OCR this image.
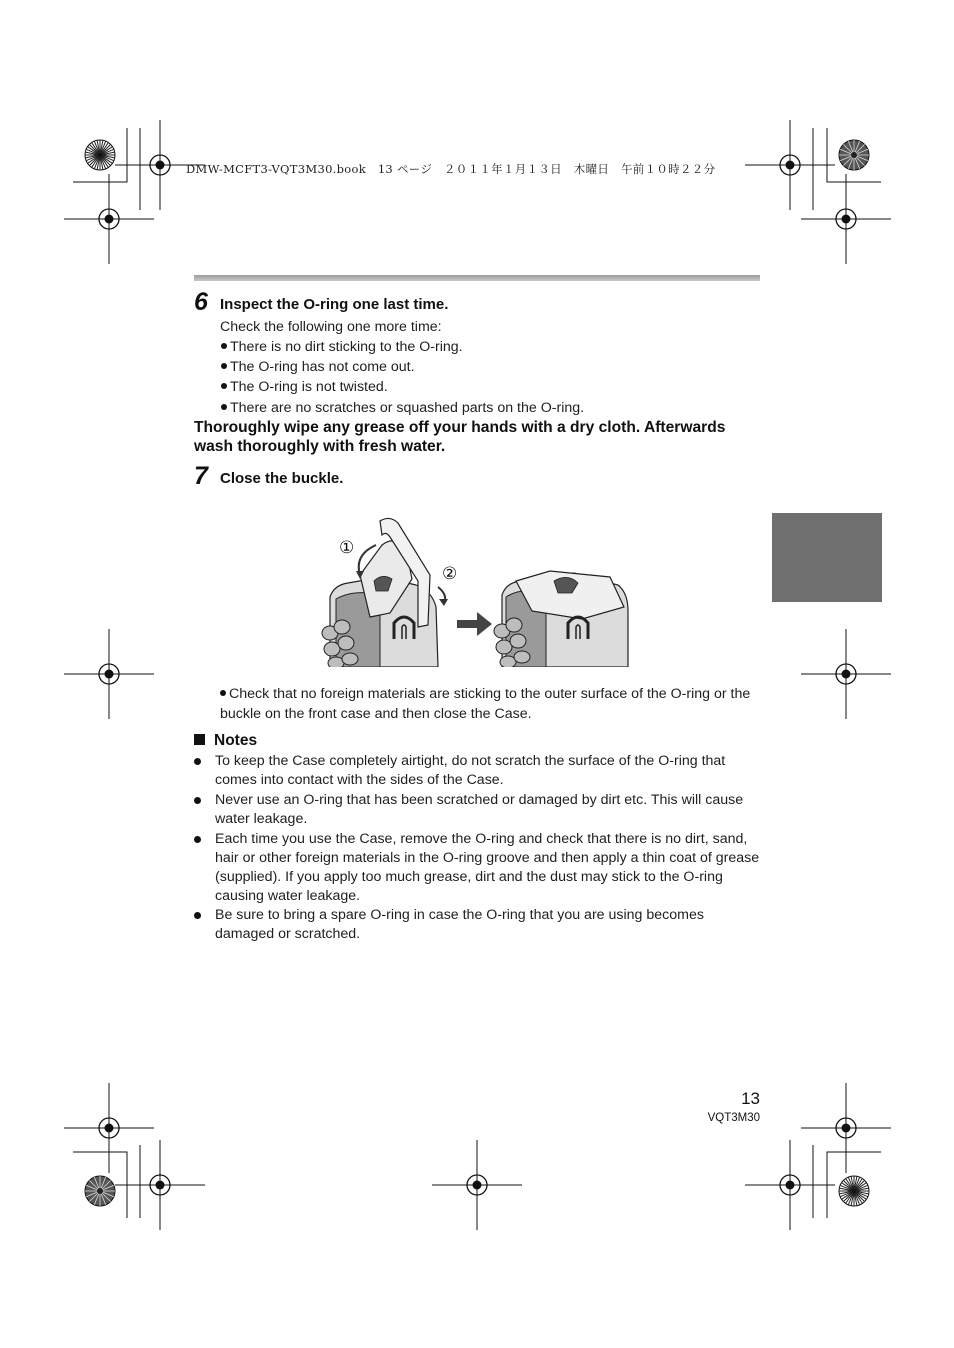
DMW-MCFT3-VQT3M30.book　13 ページ　２０１１年１月１３日　木曜日　午前１０時２２分
6 Inspect the O-ring one last time.
Check the following one more time:
There is no dirt sticking to the O-ring.
The O-ring has not come out.
The O-ring is not twisted.
There are no scratches or squashed parts on the O-ring.
Thoroughly wipe any grease off your hands with a dry cloth. Afterwards wash thoroughly with fresh water.
7 Close the buckle.
①
②
Check that no foreign materials are sticking to the outer surface of the O-ring or the buckle on the front case and then close the Case.
Notes
To keep the Case completely airtight, do not scratch the surface of the O-ring that comes into contact with the sides of the Case.
Never use an O-ring that has been scratched or damaged by dirt etc. This will cause water leakage.
Each time you use the Case, remove the O-ring and check that there is no dirt, sand, hair or other foreign materials in the O-ring groove and then apply a thin coat of grease (supplied). If you apply too much grease, dirt and the dust may stick to the O-ring causing water leakage.
Be sure to bring a spare O-ring in case the O-ring that you are using becomes damaged or scratched.
13
VQT3M30
